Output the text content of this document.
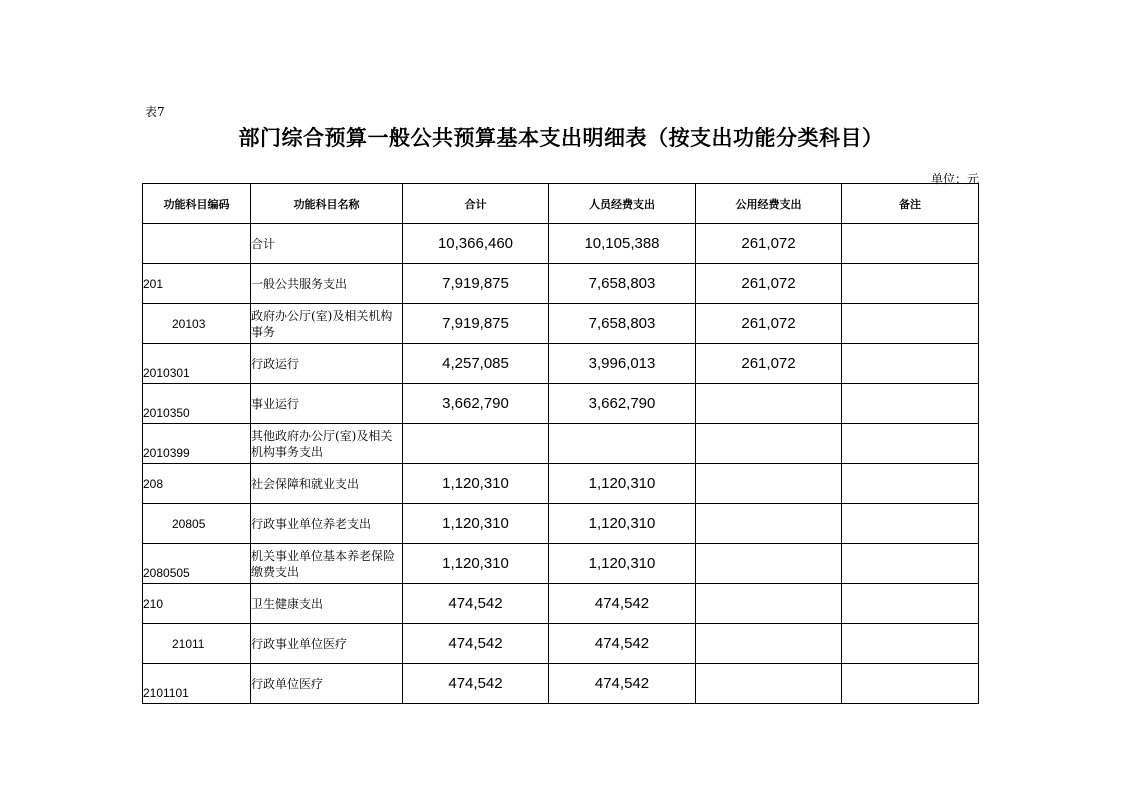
表7
部门综合预算一般公共预算基本支出明细表（按支出功能分类科目）
单位：元
功能科目编码	功能科目名称	合计	人员经费支出	公用经费支出	备注
	合计	10,366,460	10,105,388	261,072	
201	一般公共服务支出	7,919,875	7,658,803	261,072	
20103	政府办公厅(室)及相关机构事务	7,919,875	7,658,803	261,072	
2010301	行政运行	4,257,085	3,996,013	261,072	
2010350	事业运行	3,662,790	3,662,790		
2010399	其他政府办公厅(室)及相关机构事务支出				
208	社会保障和就业支出	1,120,310	1,120,310		
20805	行政事业单位养老支出	1,120,310	1,120,310		
2080505	机关事业单位基本养老保险缴费支出	1,120,310	1,120,310		
210	卫生健康支出	474,542	474,542		
21011	行政事业单位医疗	474,542	474,542		
2101101	行政单位医疗	474,542	474,542		
